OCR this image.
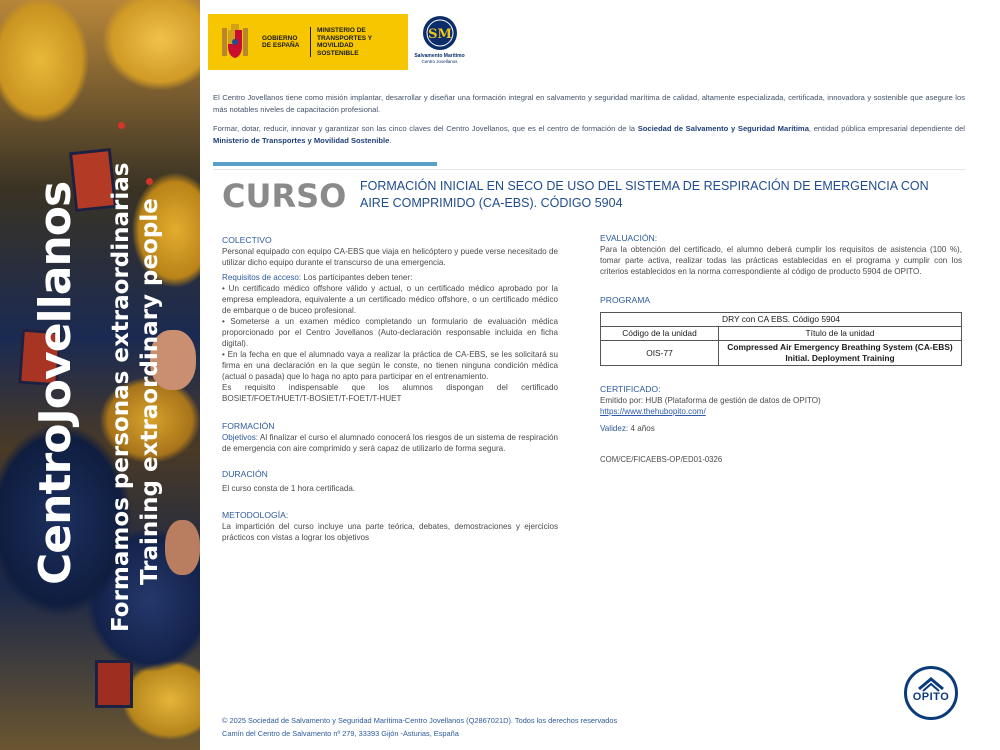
CentroJovellanos Formamos personas extraordinarias Training extraordinary people
GOBIERNO DE ESPAÑA
MINISTERIO DE TRANSPORTES Y MOVILIDAD SOSTENIBLE
SM
Salvamento Marítimo
Centro Jovellanos

El Centro Jovellanos tiene como misión implantar, desarrollar y diseñar una formación integral en salvamento y seguridad marítima de calidad, altamente especializada, certificada, innovadora y sostenible que asegure los más notables niveles de capacitación profesional.

Formar, dotar, reducir, innovar y garantizar son las cinco claves del Centro Jovellanos, que es el centro de formación de la Sociedad de Salvamento y Seguridad Marítima, entidad pública empresarial dependiente del Ministerio de Transportes y Movilidad Sostenible.

CURSO FORMACIÓN INICIAL EN SECO DE USO DEL SISTEMA DE RESPIRACIÓN DE EMERGENCIA CON AIRE COMPRIMIDO (CA-EBS). CÓDIGO 5904
COLECTIVO

Personal equipado con equipo CA-EBS que viaja en helicóptero y puede verse necesitado de utilizar dicho equipo durante el transcurso de una emergencia.

Requisitos de acceso: Los participantes deben tener:

• Un certificado médico offshore válido y actual, o un certificado médico aprobado por la empresa empleadora, equivalente a un certificado médico offshore, o un certificado médico de embarque o de buceo profesional.

• Someterse a un examen médico completando un formulario de evaluación médica proporcionado por el Centro Jovellanos (Auto-declaración responsable incluida en ficha digital).

• En la fecha en que el alumnado vaya a realizar la práctica de CA-EBS, se les solicitará su firma en una declaración en la que según le conste, no tienen ninguna condición médica (actual o pasada) que lo haga no apto para participar en el entrenamiento.

Es requisito indispensable que los alumnos dispongan del certificado BOSIET/FOET/HUET/T-BOSIET/T-FOET/T-HUET

FORMACIÓN

Objetivos: Al finalizar el curso el alumnado conocerá los riesgos de un sistema de respiración de emergencia con aire comprimido y será capaz de utilizarlo de forma segura.

DURACIÓN

El curso consta de 1 hora certificada.

METODOLOGÍA:

La impartición del curso incluye una parte teórica, debates, demostraciones y ejercicios prácticos con vistas a lograr los objetivos

EVALUACIÓN:

Para la obtención del certificado, el alumno deberá cumplir los requisitos de asistencia (100 %), tomar parte activa, realizar todas las prácticas establecidas en el programa y cumplir con los criterios establecidos en la norma correspondiente al código de producto 5904 de OPITO.

PROGRAMA
DRY con CA EBS. Código 5904	
Código de la unidad	Título de la unidad
OIS-77	Compressed Air Emergency Breathing System (CA-EBS) Initial. Deployment Training
CERTIFICADO:

Emitido por: HUB (Plataforma de gestión de datos de OPITO)

https://www.thehubopito.com/

Validez: 4 años

COM/CE/FICAEBS-OP/ED01-0326

© 2025 Sociedad de Salvamento y Seguridad Marítima-Centro Jovellanos (Q2867021D). Todos los derechos reservados
Camín del Centro de Salvamento nº 279, 33393 Gijón -Asturias, España
OPITO
